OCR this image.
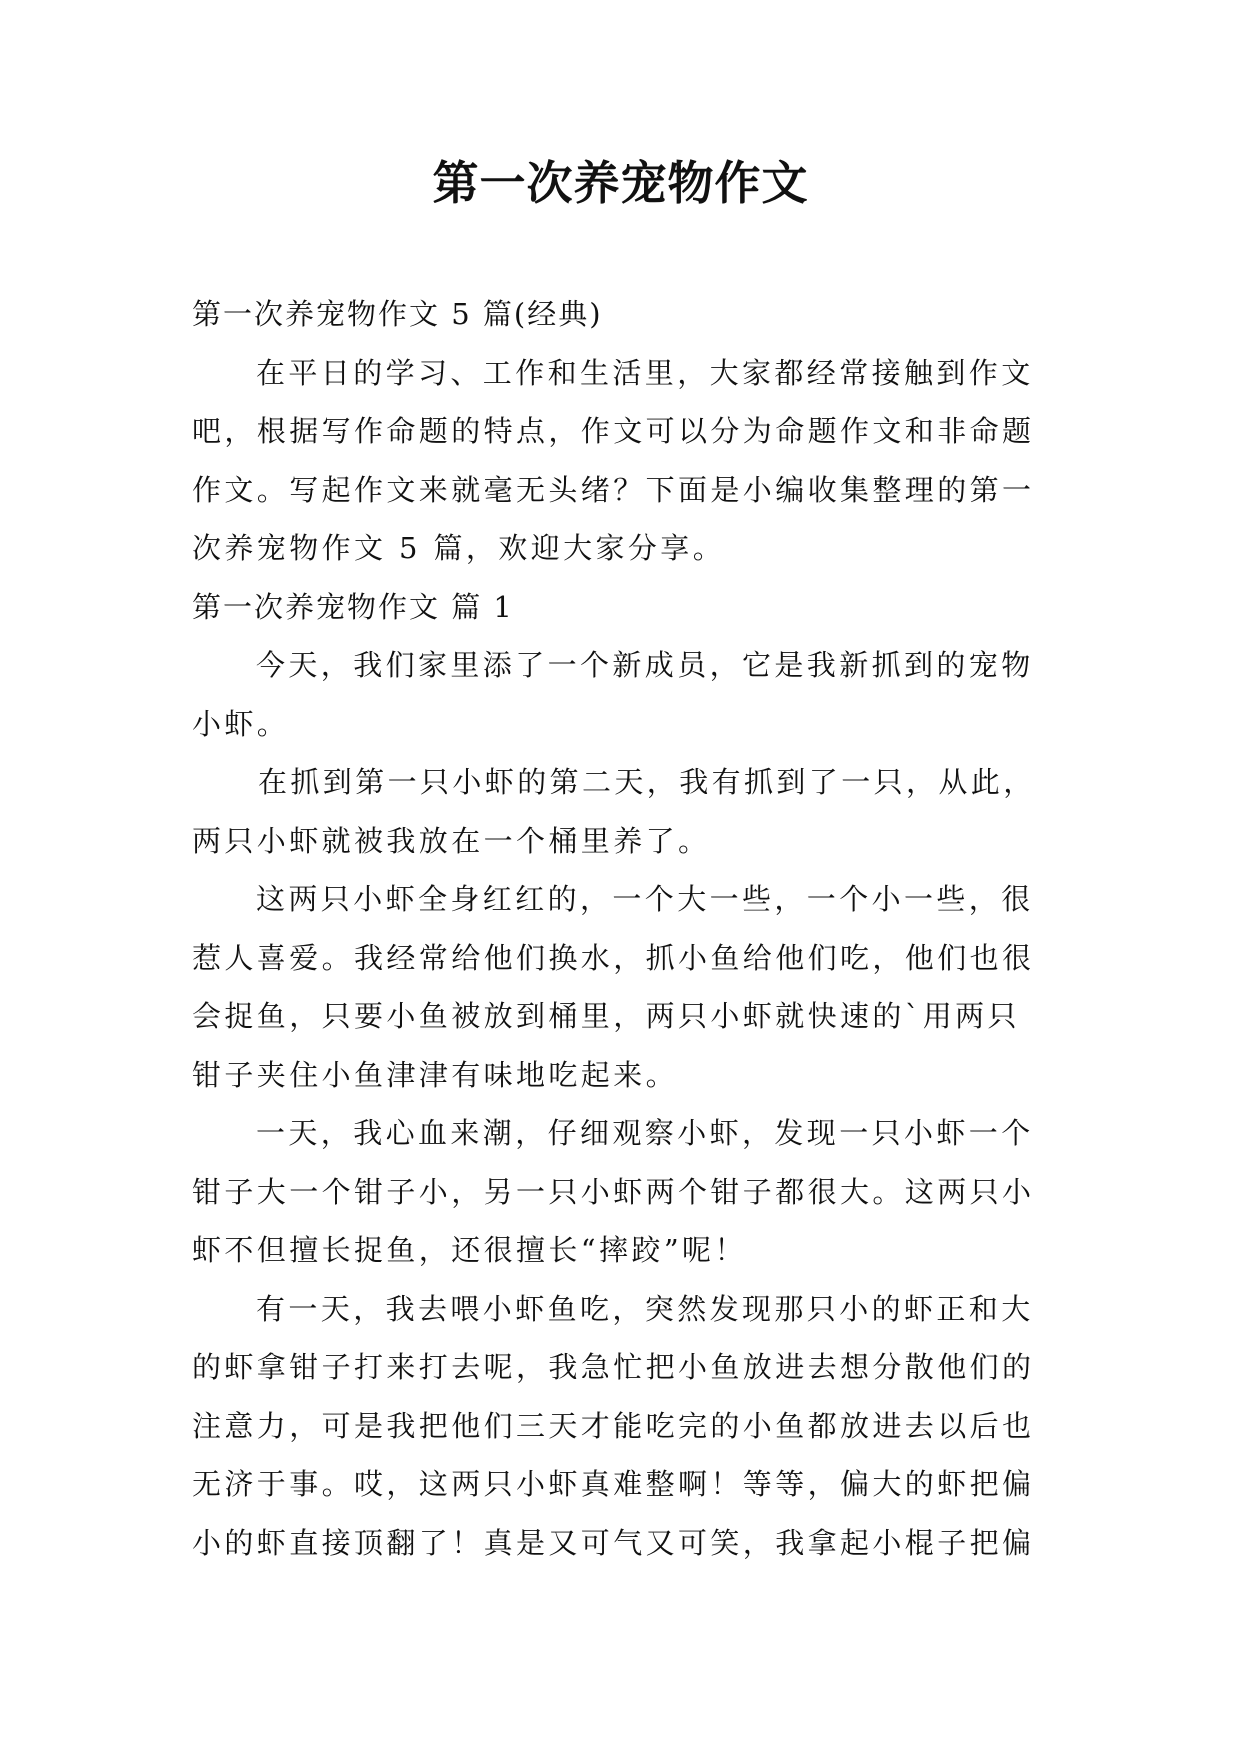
第一次养宠物作文
第一次养宠物作文 5 篇(经典)

在平日的学习、工作和生活里，大家都经常接触到作文
吧，根据写作命题的特点，作文可以分为命题作文和非命题
作文。写起作文来就毫无头绪？下面是小编收集整理的第一
次养宠物作文 5 篇，欢迎大家分享。

第一次养宠物作文 篇 1

今天，我们家里添了一个新成员，它是我新抓到的宠物
小虾。

在抓到第一只小虾的第二天，我有抓到了一只，从此，
两只小虾就被我放在一个桶里养了。

这两只小虾全身红红的，一个大一些，一个小一些，很
惹人喜爱。我经常给他们换水，抓小鱼给他们吃，他们也很
会捉鱼，只要小鱼被放到桶里，两只小虾就快速的`用两只
钳子夹住小鱼津津有味地吃起来。

一天，我心血来潮，仔细观察小虾，发现一只小虾一个
钳子大一个钳子小，另一只小虾两个钳子都很大。这两只小
虾不但擅长捉鱼，还很擅长“摔跤”呢！

有一天，我去喂小虾鱼吃，突然发现那只小的虾正和大
的虾拿钳子打来打去呢，我急忙把小鱼放进去想分散他们的
注意力，可是我把他们三天才能吃完的小鱼都放进去以后也
无济于事。哎，这两只小虾真难整啊！等等，偏大的虾把偏
小的虾直接顶翻了！真是又可气又可笑，我拿起小棍子把偏
